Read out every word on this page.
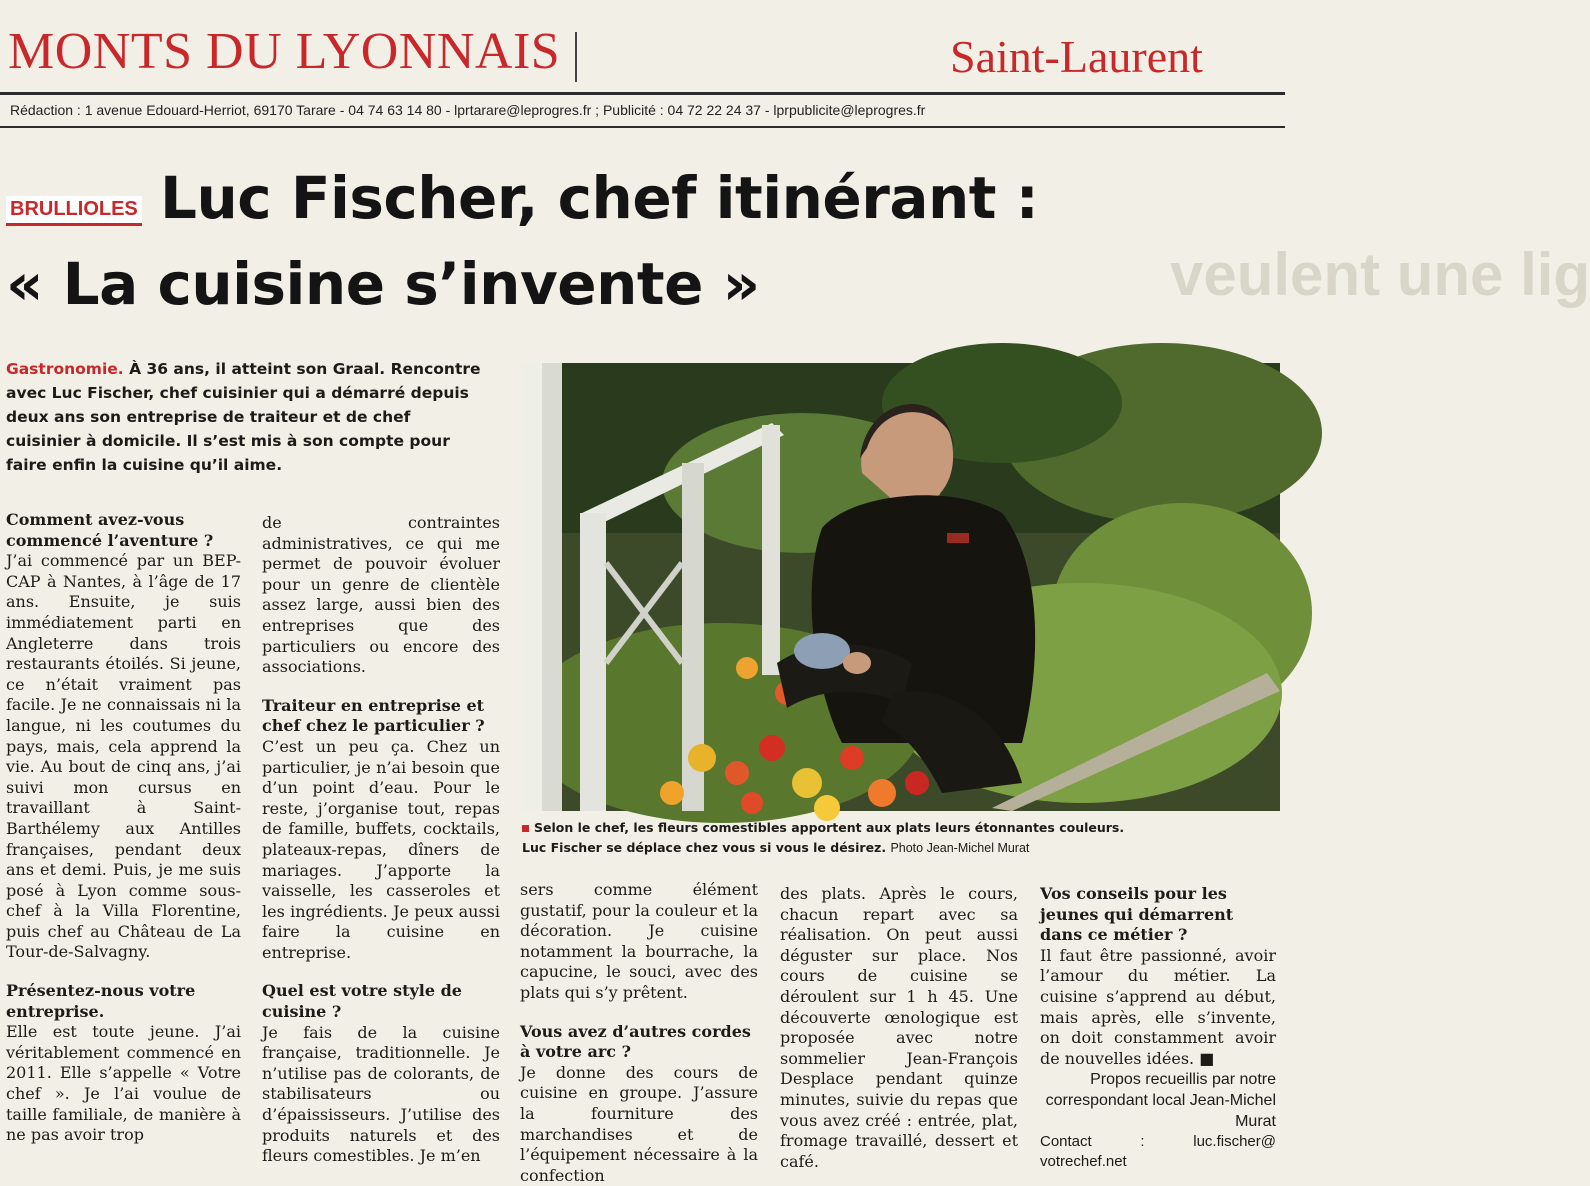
MONTS DU LYONNAIS	Saint-Laurent
Rédaction : 1 avenue Edouard-Herriot, 69170 Tarare - 04 74 63 14 80 - lprtarare@leprogres.fr ; Publicité : 04 72 22 24 37 - lprpublicite@leprogres.fr
veulent une lig
BRULLIOLES Luc Fischer, chef itinérant :
« La cuisine s’invente »
Gastronomie. À 36 ans, il atteint son Graal. Rencontre avec Luc Fischer, chef cuisinier qui a démarré depuis deux ans son entreprise de traiteur et de chef cuisinier à domicile. Il s’est mis à son compte pour faire enfin la cuisine qu’il aime.

Comment avez-vous commencé l’aventure ?

J’ai commencé par un BEP-CAP à Nantes, à l’âge de 17 ans. Ensuite, je suis immédiatement parti en Angleterre dans trois restaurants étoilés. Si jeune, ce n’était vraiment pas facile. Je ne connaissais ni la langue, ni les coutumes du pays, mais, cela apprend la vie. Au bout de cinq ans, j’ai suivi mon cursus en travaillant à Saint-Barthélemy aux Antilles françaises, pendant deux ans et demi. Puis, je me suis posé à Lyon comme sous-chef à la Villa Florentine, puis chef au Château de La Tour-de-Salvagny.

Présentez-nous votre entreprise.

Elle est toute jeune. J’ai véritablement commencé en 2011. Elle s’appelle « Votre chef ». Je l’ai voulue de taille familiale, de manière à ne pas avoir trop

de contraintes administratives, ce qui me permet de pouvoir évoluer pour un genre de clientèle assez large, aussi bien des entreprises que des particuliers ou encore des associations.

Traiteur en entreprise et chef chez le particulier ?

C’est un peu ça. Chez un particulier, je n’ai besoin que d’un point d’eau. Pour le reste, j’organise tout, repas de famille, buffets, cocktails, plateaux-repas, dîners de mariages. J’apporte la vaisselle, les casseroles et les ingrédients. Je peux aussi faire la cuisine en entreprise.

Quel est votre style de cuisine ?

Je fais de la cuisine française, traditionnelle. Je n’utilise pas de colorants, de stabilisateurs ou d’épaississeurs. J’utilise des produits naturels et des fleurs comestibles. Je m’en

Selon le chef, les fleurs comestibles apportent aux plats leurs étonnantes couleurs.
Luc Fischer se déplace chez vous si vous le désirez. Photo Jean-Michel Murat

sers comme élément gustatif, pour la couleur et la décoration. Je cuisine notamment la bourrache, la capucine, le souci, avec des plats qui s’y prêtent.

Vous avez d’autres cordes à votre arc ?

Je donne des cours de cuisine en groupe. J’assure la fourniture des marchandises et de l’équipement nécessaire à la confection

des plats. Après le cours, chacun repart avec sa réalisation. On peut aussi déguster sur place. Nos cours de cuisine se déroulent sur 1 h 45. Une découverte œnologique est proposée avec notre sommelier Jean-François Desplace pendant quinze minutes, suivie du repas que vous avez créé : entrée, plat, fromage travaillé, dessert et café.

Vos conseils pour les jeunes qui démarrent dans ce métier ?

Il faut être passionné, avoir l’amour du métier. La cuisine s’apprend au début, mais après, elle s’invente, on doit constamment avoir de nouvelles idées. ■

Propos recueillis par notre correspondant local Jean-Michel Murat

Contact : luc.fischer@ votrechef.net
